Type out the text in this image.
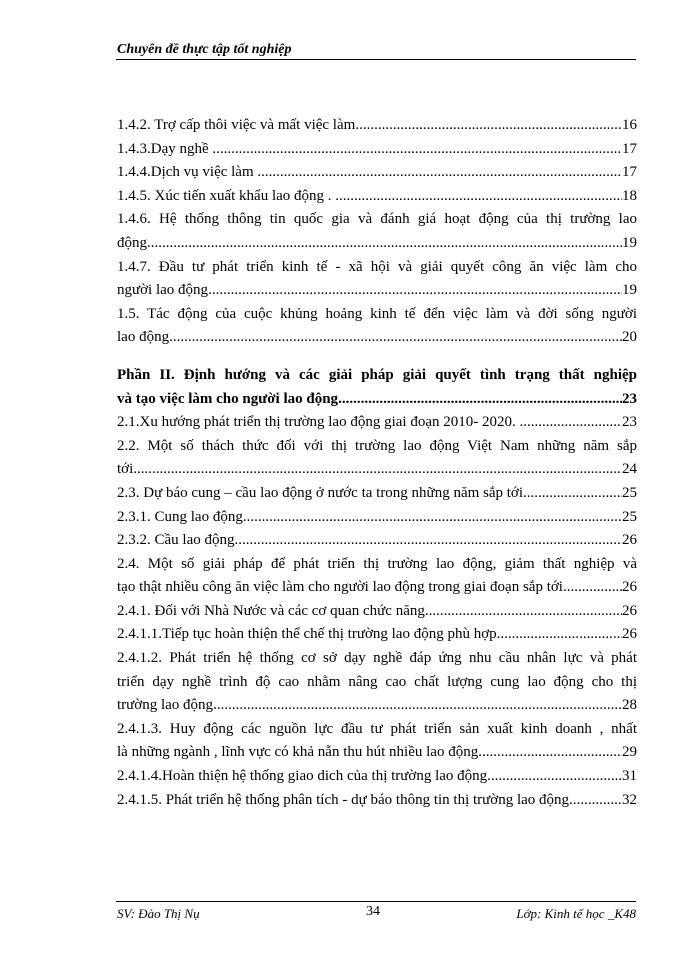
Chuyên đề thực tập tốt nghiệp
1.4.2. Trợ cấp thôi việc và mất việc làm .....	16
1.4.3.Dạy nghề . .....	17
1.4.4.Dịch vụ việc làm . .....	17
1.4.5. Xúc tiến xuất khẩu lao động . . .....	18
1.4.6. Hệ thống thông tin quốc gia và đánh giá hoạt động của thị trường lao
động .....	19
1.4.7. Đầu tư phát triển kinh tế - xã hội và giải quyết công ăn việc làm cho
người lao động .....	19
1.5. Tác động của cuộc khủng hoảng kinh tế đến việc làm và đời sống người
lao động .....	20
Phần II. Định hướng và các giải pháp giải quyết tình trạng thất nghiệp
và tạo việc làm cho người lao động .....	23
2.1.Xu hướng phát triển thị trường lao động giai đoạn 2010- 2020. . .....	23
2.2. Một số thách thức đối với thị trường lao động Việt Nam những năm sắp
tới. .....	24
2.3. Dự báo cung – cầu lao động ở nước ta trong những năm sắp tới. .....	25
2.3.1. Cung lao động .....	25
2.3.2. Cầu lao động. .....	26
2.4. Một số giải pháp để phát triển thị trường lao động, giảm thất nghiệp và
tạo thật nhiều công ăn việc làm cho người lao động trong giai đoạn sắp tới.. .....	26
2.4.1. Đối với Nhà Nước và các cơ quan chức năng. .....	26
2.4.1.1.Tiếp tục hoàn thiện thể chế thị trường lao động phù hợp. .....	26
2.4.1.2. Phát triển hệ thống cơ sở dạy nghề đáp ứng nhu cầu nhân lực và phát
triển dạy nghề trình độ cao nhằm nâng cao chất lượng cung lao động cho thị
trường lao động .....	28
2.4.1.3. Huy động các nguồn lực đầu tư phát triển sản xuất kinh doanh , nhất
là những ngành , lĩnh vực có khả nẵn thu hút nhiều lao động. .....	29
2.4.1.4.Hoàn thiện hệ thống giao dich của thị trường lao động .....	31
2.4.1.5. Phát triển hệ thống phân tích - dự báo thông tin thị trường lao động. .....	32
SV: Đào Thị Nụ	34	Lớp: Kinh tế học _K48
